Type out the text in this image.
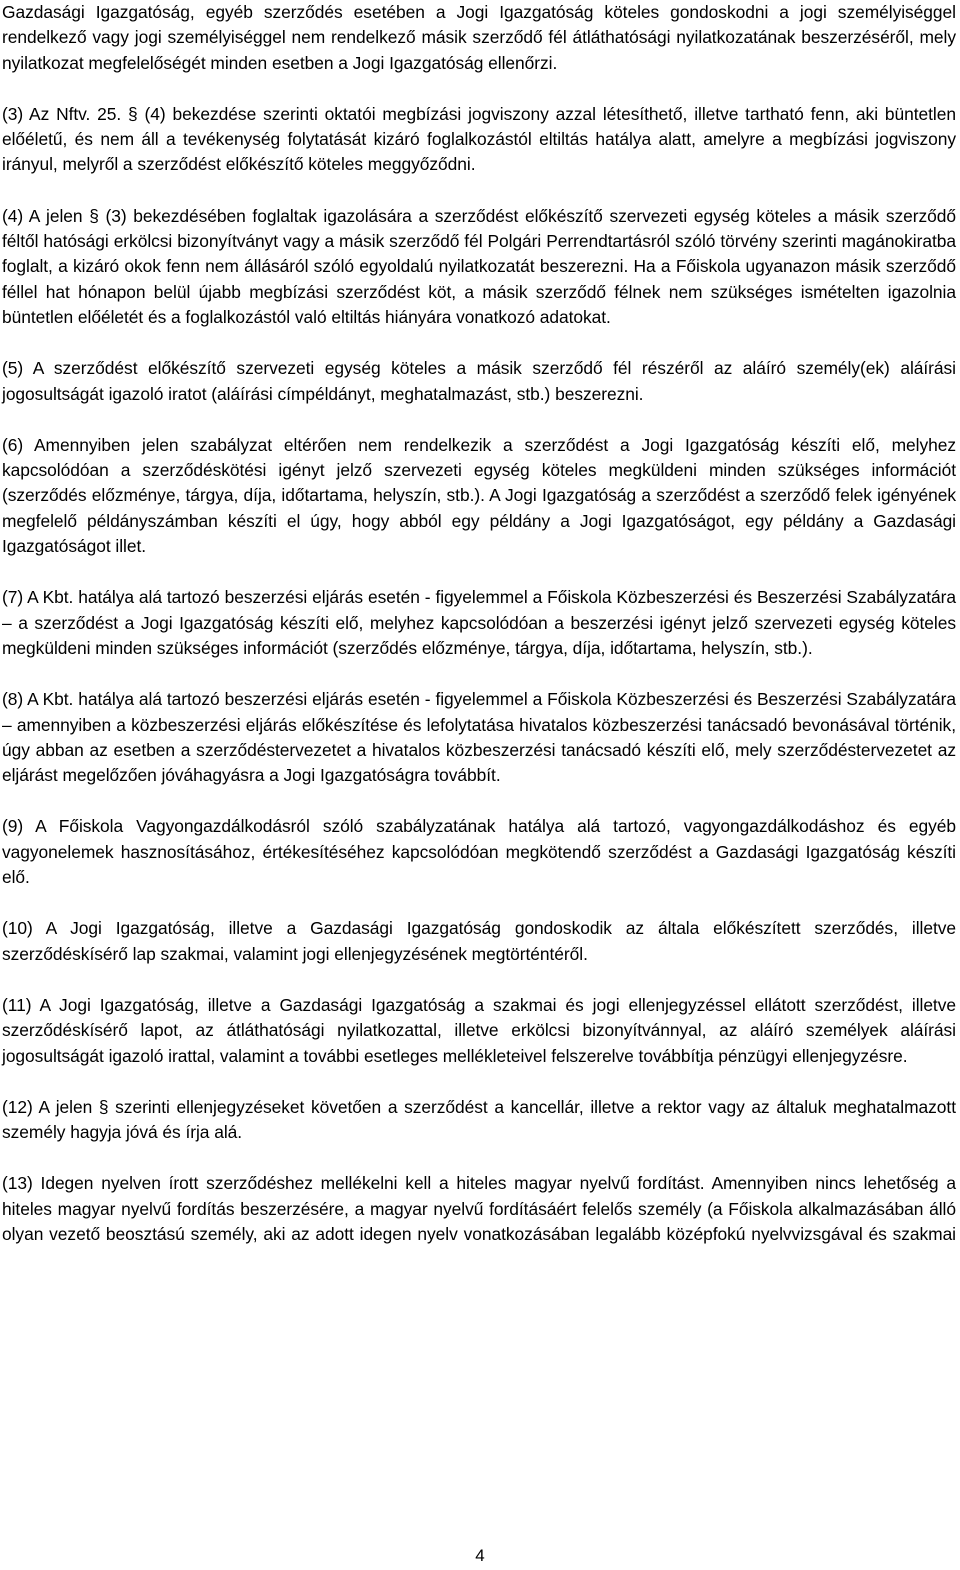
Gazdasági Igazgatóság, egyéb szerződés esetében a Jogi Igazgatóság köteles gondoskodni a jogi személyiséggel rendelkező vagy jogi személyiséggel nem rendelkező másik szerződő fél átláthatósági nyilatkozatának beszerzéséről, mely nyilatkozat megfelelőségét minden esetben a Jogi Igazgatóság ellenőrzi.

(3) Az Nftv. 25. § (4) bekezdése szerinti oktatói megbízási jogviszony azzal létesíthető, illetve tartható fenn, aki büntetlen előéletű, és nem áll a tevékenység folytatását kizáró foglalkozástól eltiltás hatálya alatt, amelyre a megbízási jogviszony irányul, melyről a szerződést előkészítő köteles meggyőződni.

(4) A jelen § (3) bekezdésében foglaltak igazolására a szerződést előkészítő szervezeti egység köteles a másik szerződő féltől hatósági erkölcsi bizonyítványt vagy a másik szerződő fél Polgári Perrendtartásról szóló törvény szerinti magánokiratba foglalt, a kizáró okok fenn nem állásáról szóló egyoldalú nyilatkozatát beszerezni. Ha a Főiskola ugyanazon másik szerződő féllel hat hónapon belül újabb megbízási szerződést köt, a másik szerződő félnek nem szükséges ismételten igazolnia büntetlen előéletét és a foglalkozástól való eltiltás hiányára vonatkozó adatokat.

(5) A szerződést előkészítő szervezeti egység köteles a másik szerződő fél részéről az aláíró személy(ek) aláírási jogosultságát igazoló iratot (aláírási címpéldányt, meghatalmazást, stb.) beszerezni.

(6) Amennyiben jelen szabályzat eltérően nem rendelkezik a szerződést a Jogi Igazgatóság készíti elő, melyhez kapcsolódóan a szerződéskötési igényt jelző szervezeti egység köteles megküldeni minden szükséges információt (szerződés előzménye, tárgya, díja, időtartama, helyszín, stb.). A Jogi Igazgatóság a szerződést a szerződő felek igényének megfelelő példányszámban készíti el úgy, hogy abból egy példány a Jogi Igazgatóságot, egy példány a Gazdasági Igazgatóságot illet.

(7) A Kbt. hatálya alá tartozó beszerzési eljárás esetén - figyelemmel a Főiskola Közbeszerzési és Beszerzési Szabályzatára – a szerződést a Jogi Igazgatóság készíti elő, melyhez kapcsolódóan a beszerzési igényt jelző szervezeti egység köteles megküldeni minden szükséges információt (szerződés előzménye, tárgya, díja, időtartama, helyszín, stb.).

(8) A Kbt. hatálya alá tartozó beszerzési eljárás esetén - figyelemmel a Főiskola Közbeszerzési és Beszerzési Szabályzatára – amennyiben a közbeszerzési eljárás előkészítése és lefolytatása hivatalos közbeszerzési tanácsadó bevonásával történik, úgy abban az esetben a szerződéstervezetet a hivatalos közbeszerzési tanácsadó készíti elő, mely szerződéstervezetet az eljárást megelőzően jóváhagyásra a Jogi Igazgatóságra továbbít.

(9) A Főiskola Vagyongazdálkodásról szóló szabályzatának hatálya alá tartozó, vagyongazdálkodáshoz és egyéb vagyonelemek hasznosításához, értékesítéséhez kapcsolódóan megkötendő szerződést a Gazdasági Igazgatóság készíti elő.

(10) A Jogi Igazgatóság, illetve a Gazdasági Igazgatóság gondoskodik az általa előkészített szerződés, illetve szerződéskísérő lap szakmai, valamint jogi ellenjegyzésének megtörténtéről.

(11) A Jogi Igazgatóság, illetve a Gazdasági Igazgatóság a szakmai és jogi ellenjegyzéssel ellátott szerződést, illetve szerződéskísérő lapot, az átláthatósági nyilatkozattal, illetve erkölcsi bizonyítvánnyal, az aláíró személyek aláírási jogosultságát igazoló irattal, valamint a további esetleges mellékleteivel felszerelve továbbítja pénzügyi ellenjegyzésre.

(12) A jelen § szerinti ellenjegyzéseket követően a szerződést a kancellár, illetve a rektor vagy az általuk meghatalmazott személy hagyja jóvá és írja alá.

(13) Idegen nyelven írott szerződéshez mellékelni kell a hiteles magyar nyelvű fordítást. Amennyiben nincs lehetőség a hiteles magyar nyelvű fordítás beszerzésére, a magyar nyelvű fordításáért felelős személy (a Főiskola alkalmazásában álló olyan vezető beosztású személy, aki az adott idegen nyelv vonatkozásában legalább középfokú nyelvvizsgával és szakmai

4
